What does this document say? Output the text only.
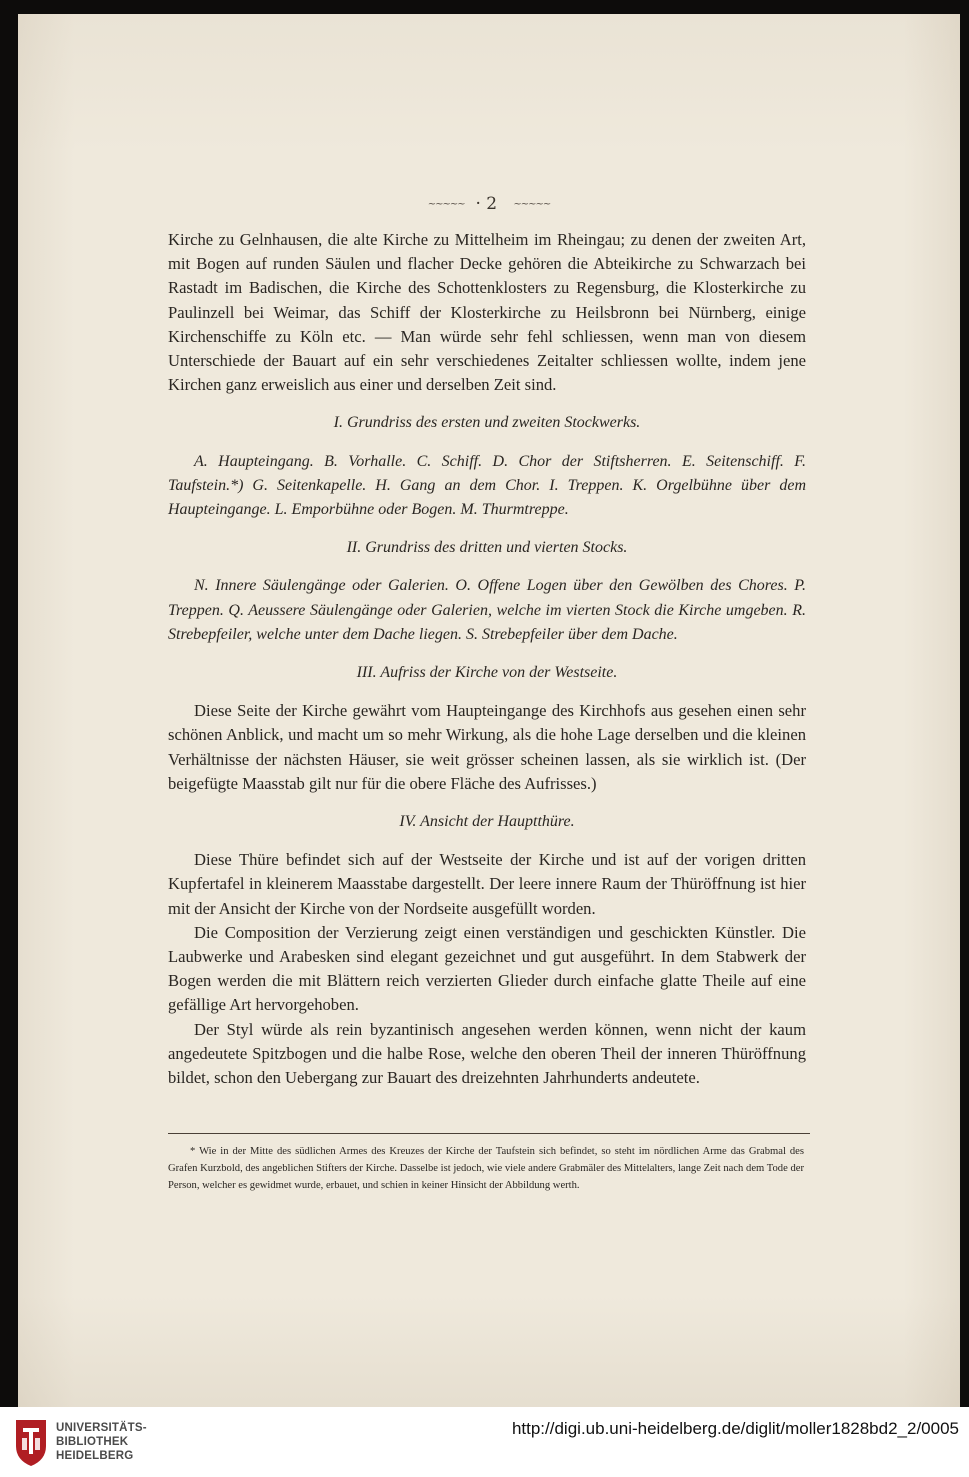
~~~~~  · 2 ~~~~~

Kirche zu Gelnhausen, die alte Kirche zu Mittelheim im Rheingau; zu denen der zweiten Art, mit Bogen auf runden Säulen und flacher Decke gehören die Abteikirche zu Schwarzach bei Rastadt im Badischen, die Kirche des Schottenklosters zu Regensburg, die Klosterkirche zu Paulinzell bei Weimar, das Schiff der Klosterkirche zu Heilsbronn bei Nürnberg, einige Kirchenschiffe zu Köln etc. — Man würde sehr fehl schliessen, wenn man von diesem Unterschiede der Bauart auf ein sehr verschiedenes Zeitalter schliessen wollte, indem jene Kirchen ganz erweislich aus einer und derselben Zeit sind.

I. Grundriss des ersten und zweiten Stockwerks.

A. Haupteingang. B. Vorhalle. C. Schiff. D. Chor der Stiftsherren. E. Seitenschiff. F. Taufstein.*) G. Seitenkapelle. H. Gang an dem Chor. I. Treppen. K. Orgelbühne über dem Haupteingange. L. Emporbühne oder Bogen. M. Thurmtreppe.

II. Grundriss des dritten und vierten Stocks.

N. Innere Säulengänge oder Galerien. O. Offene Logen über den Gewölben des Chores. P. Treppen. Q. Aeussere Säulengänge oder Galerien, welche im vierten Stock die Kirche umgeben. R. Strebepfeiler, welche unter dem Dache liegen. S. Strebepfeiler über dem Dache.

III. Aufriss der Kirche von der Westseite.

Diese Seite der Kirche gewährt vom Haupteingange des Kirchhofs aus gesehen einen sehr schönen Anblick, und macht um so mehr Wirkung, als die hohe Lage derselben und die kleinen Verhältnisse der nächsten Häuser, sie weit grösser scheinen lassen, als sie wirklich ist. (Der beigefügte Maasstab gilt nur für die obere Fläche des Aufrisses.)

IV. Ansicht der Hauptthüre.

Diese Thüre befindet sich auf der Westseite der Kirche und ist auf der vorigen dritten Kupfertafel in kleinerem Maasstabe dargestellt. Der leere innere Raum der Thüröffnung ist hier mit der Ansicht der Kirche von der Nordseite ausgefüllt worden.

Die Composition der Verzierung zeigt einen verständigen und geschickten Künstler. Die Laubwerke und Arabesken sind elegant gezeichnet und gut ausgeführt. In dem Stabwerk der Bogen werden die mit Blättern reich verzierten Glieder durch einfache glatte Theile auf eine gefällige Art hervorgehoben.

Der Styl würde als rein byzantinisch angesehen werden können, wenn nicht der kaum angedeutete Spitzbogen und die halbe Rose, welche den oberen Theil der inneren Thüröffnung bildet, schon den Uebergang zur Bauart des dreizehnten Jahrhunderts andeutete.

* Wie in der Mitte des südlichen Armes des Kreuzes der Kirche der Taufstein sich befindet, so steht im nördlichen Arme das Grabmal des Grafen Kurzbold, des angeblichen Stifters der Kirche. Dasselbe ist jedoch, wie viele andere Grabmäler des Mittelalters, lange Zeit nach dem Tode der Person, welcher es gewidmet wurde, erbauet, und schien in keiner Hinsicht der Abbildung werth.
UNIVERSITÄTS-
BIBLIOTHEK
HEIDELBERG
http://digi.ub.uni-heidelberg.de/diglit/moller1828bd2_2/0005
